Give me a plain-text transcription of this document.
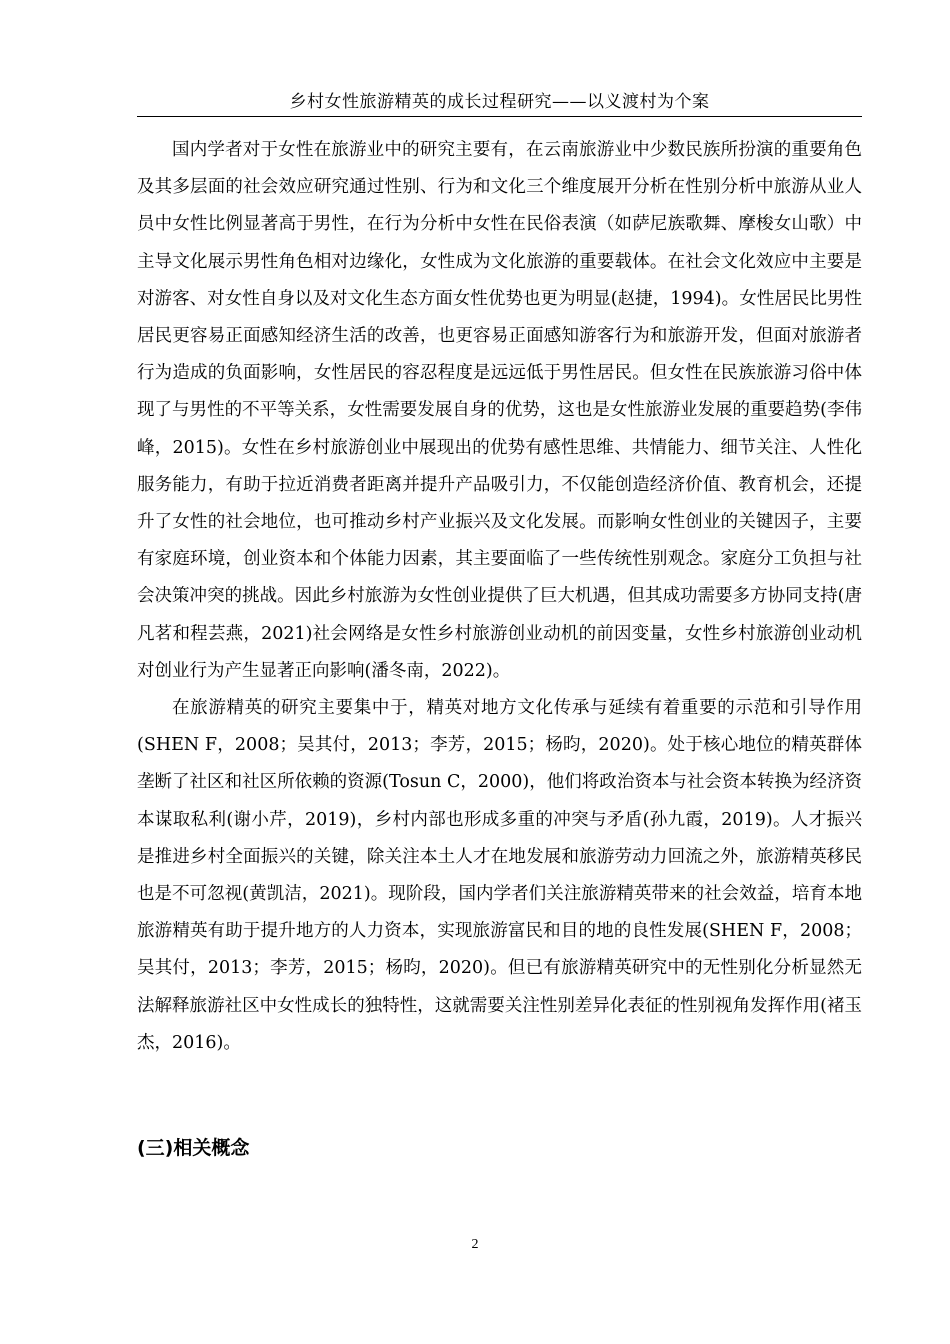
乡村女性旅游精英的成长过程研究——以义渡村为个案

国内学者对于女性在旅游业中的研究主要有，在云南旅游业中少数民族所扮演的重要角色及其多层面的社会效应研究通过性别、行为和文化三个维度展开分析在性别分析中旅游从业人员中女性比例显著高于男性，在行为分析中女性在民俗表演（如萨尼族歌舞、摩梭女山歌）中主导文化展示男性角色相对边缘化，女性成为文化旅游的重要载体。在社会文化效应中主要是对游客、对女性自身以及对文化生态方面女性优势也更为明显(赵捷，1994)。女性居民比男性居民更容易正面感知经济生活的改善，也更容易正面感知游客行为和旅游开发，但面对旅游者行为造成的负面影响，女性居民的容忍程度是远远低于男性居民。但女性在民族旅游习俗中体现了与男性的不平等关系，女性需要发展自身的优势，这也是女性旅游业发展的重要趋势(李伟峰，2015)。女性在乡村旅游创业中展现出的优势有感性思维、共情能力、细节关注、人性化服务能力，有助于拉近消费者距离并提升产品吸引力，不仅能创造经济价值、教育机会，还提升了女性的社会地位，也可推动乡村产业振兴及文化发展。而影响女性创业的关键因子，主要有家庭环境，创业资本和个体能力因素，其主要面临了一些传统性别观念。家庭分工负担与社会决策冲突的挑战。因此乡村旅游为女性创业提供了巨大机遇，但其成功需要多方协同支持(唐凡茗和程芸燕，2021)社会网络是女性乡村旅游创业动机的前因变量，女性乡村旅游创业动机对创业行为产生显著正向影响(潘冬南，2022)。

在旅游精英的研究主要集中于，精英对地方文化传承与延续有着重要的示范和引导作用(SHEN F，2008；吴其付，2013；李芳，2015；杨昀，2020)。处于核心地位的精英群体垄断了社区和社区所依赖的资源(Tosun C，2000)，他们将政治资本与社会资本转换为经济资本谋取私利(谢小芹，2019)，乡村内部也形成多重的冲突与矛盾(孙九霞，2019)。人才振兴是推进乡村全面振兴的关键，除关注本土人才在地发展和旅游劳动力回流之外，旅游精英移民也是不可忽视(黄凯洁，2021)。现阶段，国内学者们关注旅游精英带来的社会效益，培育本地旅游精英有助于提升地方的人力资本，实现旅游富民和目的地的良性发展(SHEN F，2008；吴其付，2013；李芳，2015；杨昀，2020)。但已有旅游精英研究中的无性别化分析显然无法解释旅游社区中女性成长的独特性，这就需要关注性别差异化表征的性别视角发挥作用(褚玉杰，2016)。

(三)相关概念
2
